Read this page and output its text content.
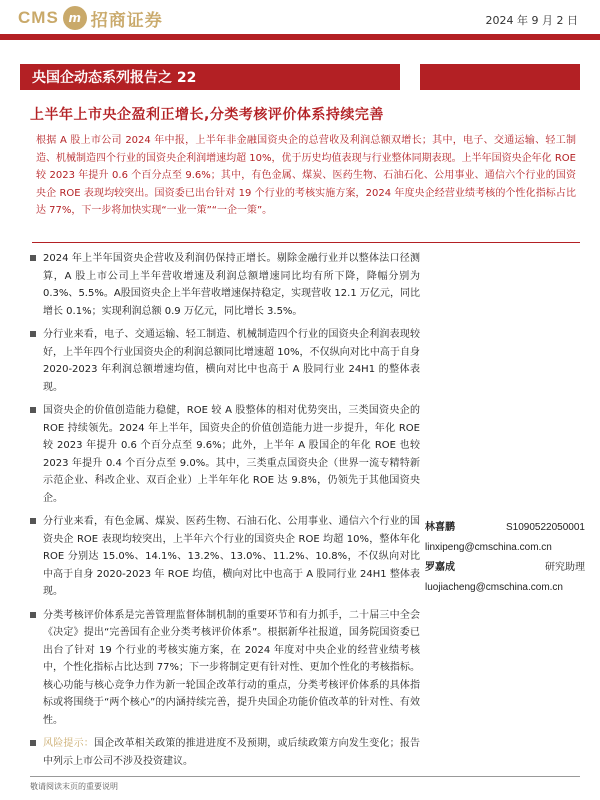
CMS m 招商证券	2024 年 9 月 2 日
央国企动态系列报告之 22
上半年上市央企盈利正增长,分类考核评价体系持续完善
根据 A 股上市公司 2024 年中报，上半年非金融国资央企的总营收及利润总额双增长；其中，电子、交通运输、轻工制造、机械制造四个行业的国资央企利润增速均超 10%，优于历史均值表现与行业整体同期表现。上半年国资央企年化 ROE 较 2023 年提升 0.6 个百分点至 9.6%；其中，有色金属、煤炭、医药生物、石油石化、公用事业、通信六个行业的国资央企 ROE 表现均较突出。国资委已出台针对 19 个行业的考核实施方案，2024 年度央企经营业绩考核的个性化指标占比达 77%，下一步将加快实现“一业一策”“一企一策”。
2024 年上半年国资央企营收及利润仍保持正增长。剔除金融行业并以整体法口径测算，A 股上市公司上半年营收增速及利润总额增速同比均有所下降，降幅分别为 0.3%、5.5%。A股国资央企上半年营收增速保持稳定，实现营收 12.1 万亿元，同比增长 0.1%；实现利润总额 0.9 万亿元，同比增长 3.5%。
分行业来看，电子、交通运输、轻工制造、机械制造四个行业的国资央企利润表现较好，上半年四个行业国资央企的利润总额同比增速超 10%，不仅纵向对比中高于自身 2020-2023 年利润总额增速均值，横向对比中也高于 A 股同行业 24H1 的整体表现。
国资央企的价值创造能力稳健，ROE 较 A 股整体的相对优势突出，三类国资央企的 ROE 持续领先。2024 年上半年，国资央企的价值创造能力进一步提升，年化 ROE 较 2023 年提升 0.6 个百分点至 9.6%；此外，上半年 A 股国企的年化 ROE 也较 2023 年提升 0.4 个百分点至 9.0%。其中，三类重点国资央企（世界一流专精特新示范企业、科改企业、双百企业）上半年年化 ROE 达 9.8%，仍领先于其他国资央企。
分行业来看，有色金属、煤炭、医药生物、石油石化、公用事业、通信六个行业的国资央企 ROE 表现均较突出，上半年六个行业的国资央企 ROE 均超 10%，整体年化 ROE 分别达 15.0%、14.1%、13.2%、13.0%、11.2%、10.8%，不仅纵向对比中高于自身 2020-2023 年 ROE 均值，横向对比中也高于 A 股同行业 24H1 整体表现。
分类考核评价体系是完善管理监督体制机制的重要环节和有力抓手，二十届三中全会《决定》提出“完善国有企业分类考核评价体系”。根据新华社报道，国务院国资委已出台了针对 19 个行业的考核实施方案，在 2024 年度对中央企业的经营业绩考核中，个性化指标占比达到 77%；下一步将制定更有针对性、更加个性化的考核指标。核心功能与核心竞争力作为新一轮国企改革行动的重点，分类考核评价体系的具体指标或将围绕于“两个核心”的内涵持续完善，提升央国企功能价值改革的针对性、有效性。
风险提示：国企改革相关政策的推进进度不及预期，或后续政策方向发生变化；报告中列示上市公司不涉及投资建议。
林喜鹏	S1090522050001
linxipeng@cmschina.com.cn
罗嘉成	研究助理
luojiacheng@cmschina.com.cn
敬请阅读末页的重要说明
